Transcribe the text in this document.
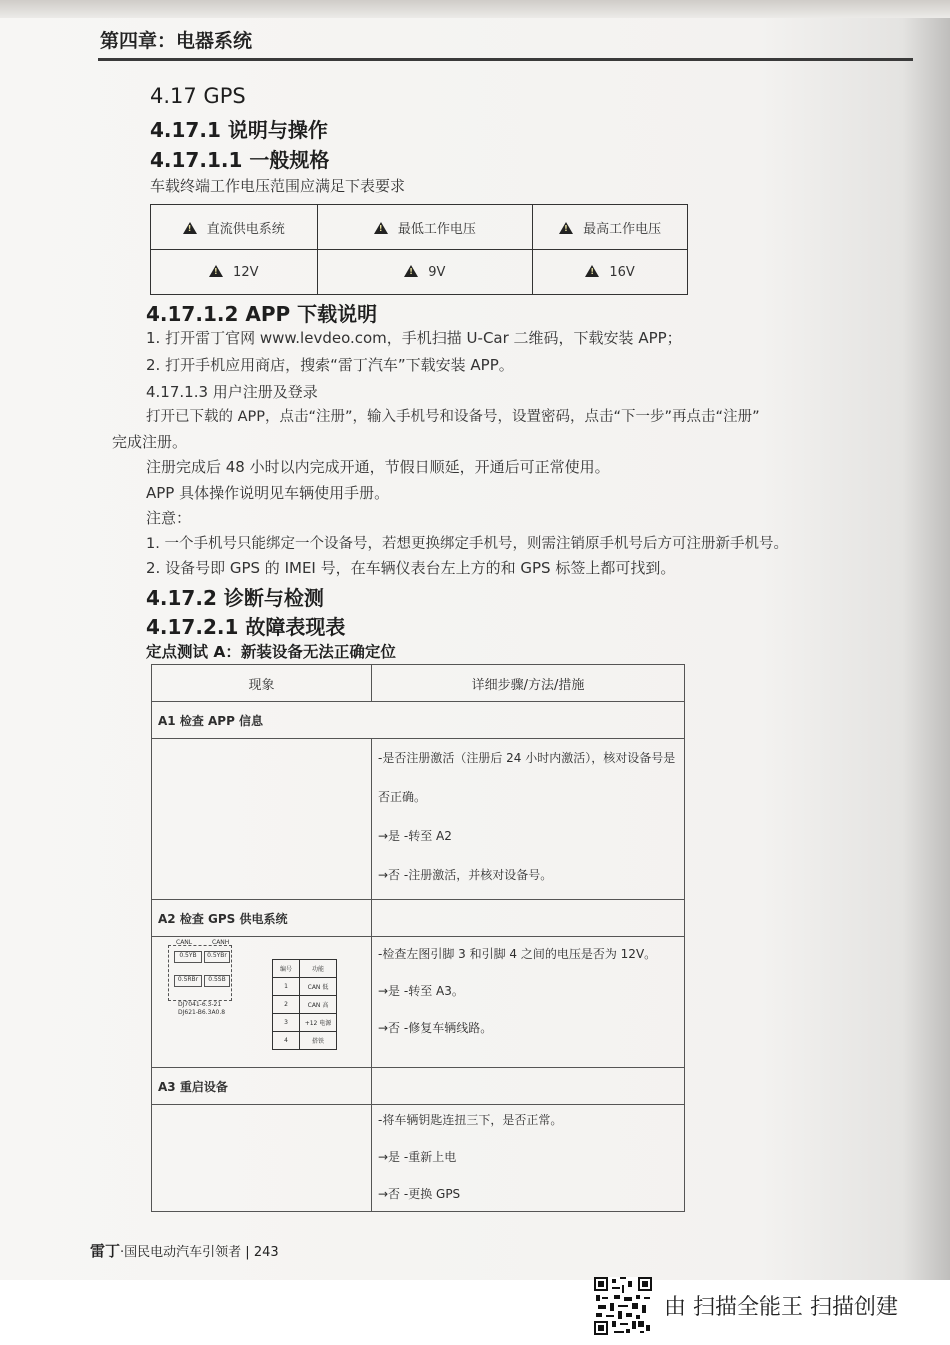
第四章：电器系统
4.17 GPS
4.17.1 说明与操作
4.17.1.1 一般规格
车载终端工作电压范围应满足下表要求
!直流供电系统	!最低工作电压	!最高工作电压
!12V	!9V	!16V
4.17.1.2 APP 下载说明
1. 打开雷丁官网 www.levdeo.com，手机扫描 U-Car 二维码，下载安装 APP；
2. 打开手机应用商店，搜索“雷丁汽车”下载安装 APP。
4.17.1.3 用户注册及登录
打开已下载的 APP，点击“注册”，输入手机号和设备号，设置密码，点击“下一步”再点击“注册”
完成注册。
注册完成后 48 小时以内完成开通，节假日顺延，开通后可正常使用。
APP 具体操作说明见车辆使用手册。
注意：
1. 一个手机号只能绑定一个设备号，若想更换绑定手机号，则需注销原手机号后方可注册新手机号。
2. 设备号即 GPS 的 IMEI 号，在车辆仪表台左上方的和 GPS 标签上都可找到。
4.17.2 诊断与检测
4.17.2.1 故障表现表
定点测试 A：新装设备无法正确定位
现象	详细步骤/方法/措施
A1 检查 APP 信息

-是否注册激活（注册后 24 小时内激活），核对设备号是
否正确。
→是 -转至 A2
→否 -注册激活，并核对设备号。

A2 检查 GPS 供电系统	

CANL	CANH
0.5YB	0.5YBr
0.5RBr	0.5SB
DJ7041-6.3-21
DJ621-B6.3A0.8
编号	功能
1	CAN 低
2	CAN 高
3	+12 电源
4	搭铁

-检查左图引脚 3 和引脚 4 之间的电压是否为 12V。
→是 -转至 A3。
→否 -修复车辆线路。

A3 重启设备	

-将车辆钥匙连扭三下，是否正常。
→是 -重新上电
→否 -更换 GPS
雷丁·国民电动汽车引领者 | 243
由 扫描全能王 扫描创建
